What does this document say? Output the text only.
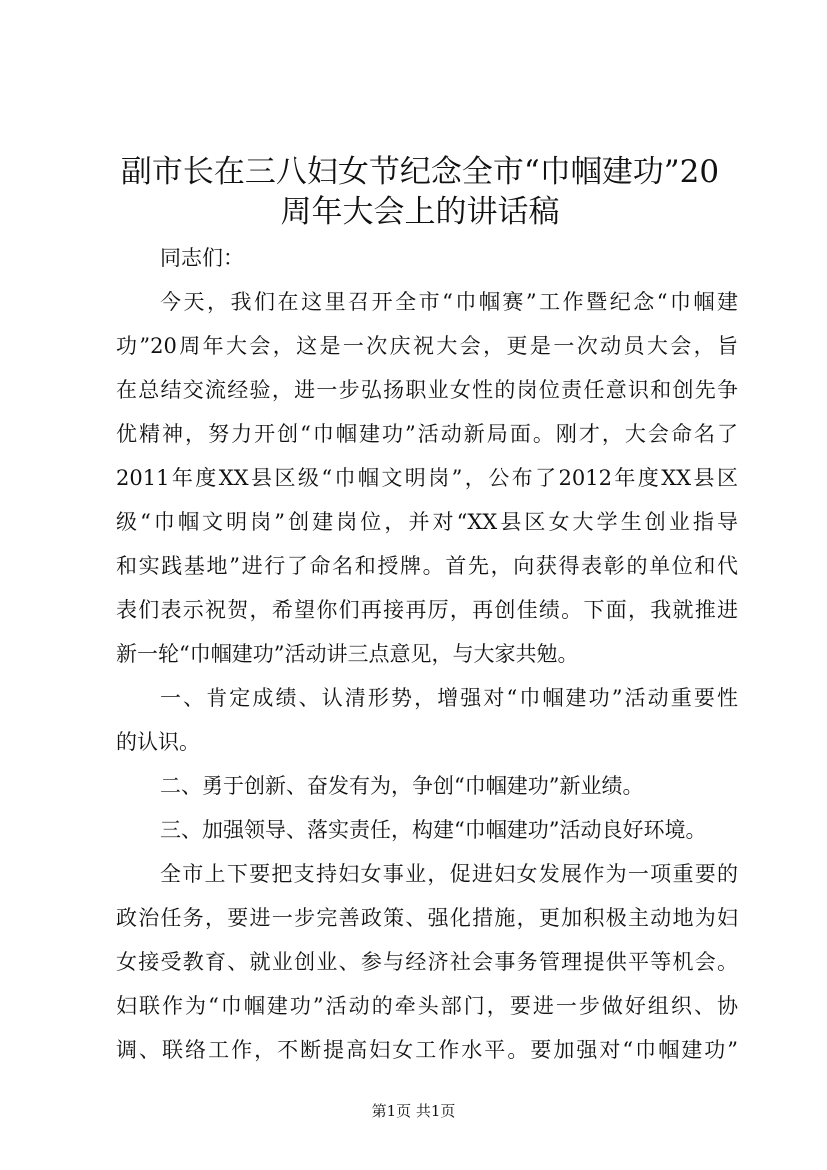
副市长在三八妇女节纪念全市“巾帼建功”20
周年大会上的讲话稿
同志们：
今天，我们在这里召开全市“巾帼赛”工作暨纪念“巾帼建
功”20周年大会，这是一次庆祝大会，更是一次动员大会，旨
在总结交流经验，进一步弘扬职业女性的岗位责任意识和创先争
优精神，努力开创“巾帼建功”活动新局面。刚才，大会命名了
2011年度XX县区级“巾帼文明岗”，公布了2012年度XX县区
级“巾帼文明岗”创建岗位，并对“XX县区女大学生创业指导
和实践基地”进行了命名和授牌。首先，向获得表彰的单位和代
表们表示祝贺，希望你们再接再厉，再创佳绩。下面，我就推进
新一轮“巾帼建功”活动讲三点意见，与大家共勉。
一、肯定成绩、认清形势，增强对“巾帼建功”活动重要性
的认识。
二、勇于创新、奋发有为，争创“巾帼建功”新业绩。
三、加强领导、落实责任，构建“巾帼建功”活动良好环境。
全市上下要把支持妇女事业，促进妇女发展作为一项重要的
政治任务，要进一步完善政策、强化措施，更加积极主动地为妇
女接受教育、就业创业、参与经济社会事务管理提供平等机会。
妇联作为“巾帼建功”活动的牵头部门，要进一步做好组织、协
调、联络工作，不断提高妇女工作水平。要加强对“巾帼建功”
第1页 共1页
